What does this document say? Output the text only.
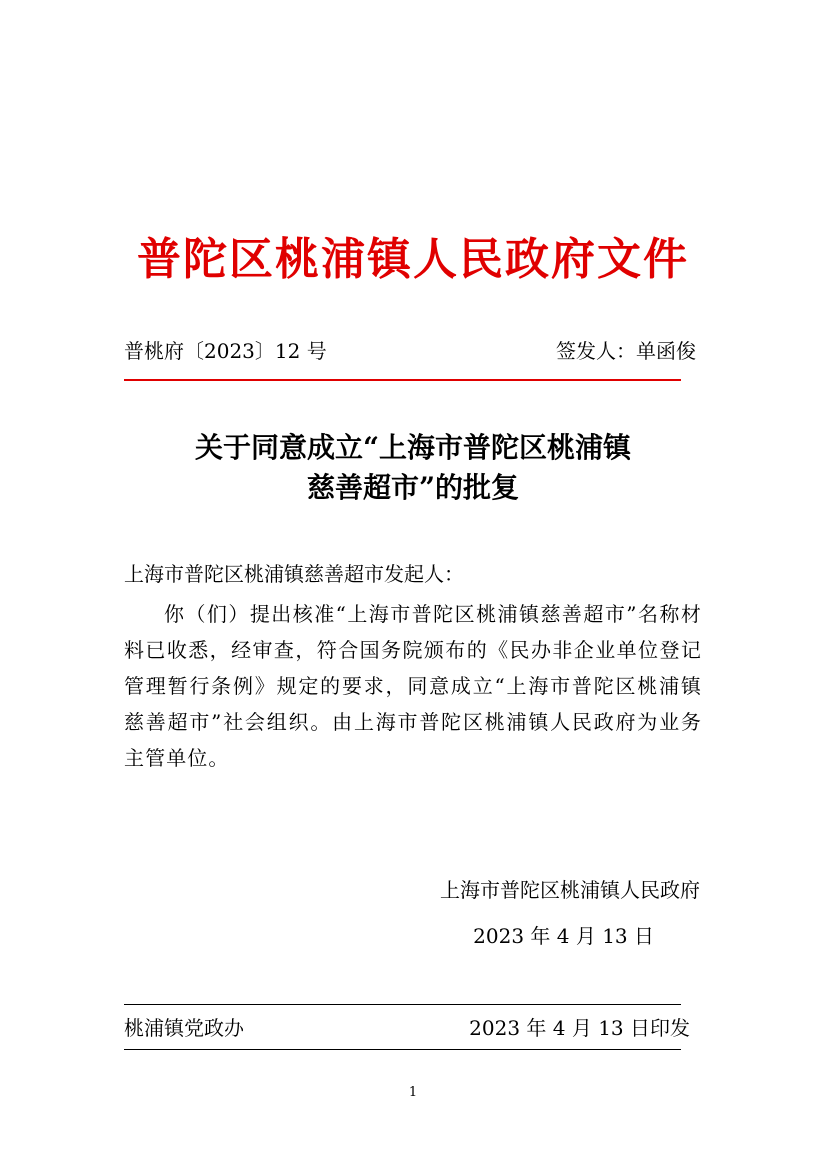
普陀区桃浦镇人民政府文件
普桃府〔2023〕12 号	签发人：单函俊
关于同意成立“上海市普陀区桃浦镇
慈善超市”的批复
上海市普陀区桃浦镇慈善超市发起人：
你（们）提出核准“上海市普陀区桃浦镇慈善超市”名称材料已收悉，经审查，符合国务院颁布的《民办非企业单位登记管理暂行条例》规定的要求，同意成立“上海市普陀区桃浦镇慈善超市”社会组织。由上海市普陀区桃浦镇人民政府为业务主管单位。
上海市普陀区桃浦镇人民政府
2023 年 4 月 13 日
桃浦镇党政办	2023 年 4 月 13 日印发
1
